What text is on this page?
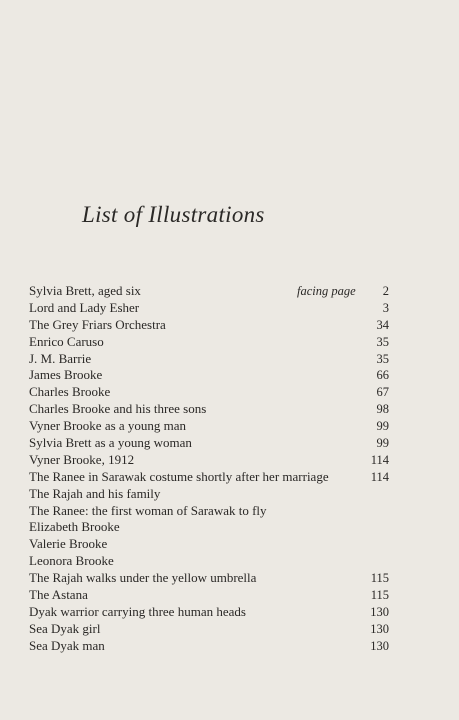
List of Illustrations
Sylvia Brett, aged six	facing page	2
Lord and Lady Esher	3
The Grey Friars Orchestra	34
Enrico Caruso	35
J. M. Barrie	35
James Brooke	66
Charles Brooke	67
Charles Brooke and his three sons	98
Vyner Brooke as a young man	99
Sylvia Brett as a young woman	99
Vyner Brooke, 1912	114
The Ranee in Sarawak costume shortly after her marriage	114
The Rajah and his family
The Ranee: the first woman of Sarawak to fly
Elizabeth Brooke
Valerie Brooke
Leonora Brooke
The Rajah walks under the yellow umbrella	115
The Astana	115
Dyak warrior carrying three human heads	130
Sea Dyak girl	130
Sea Dyak man	130
